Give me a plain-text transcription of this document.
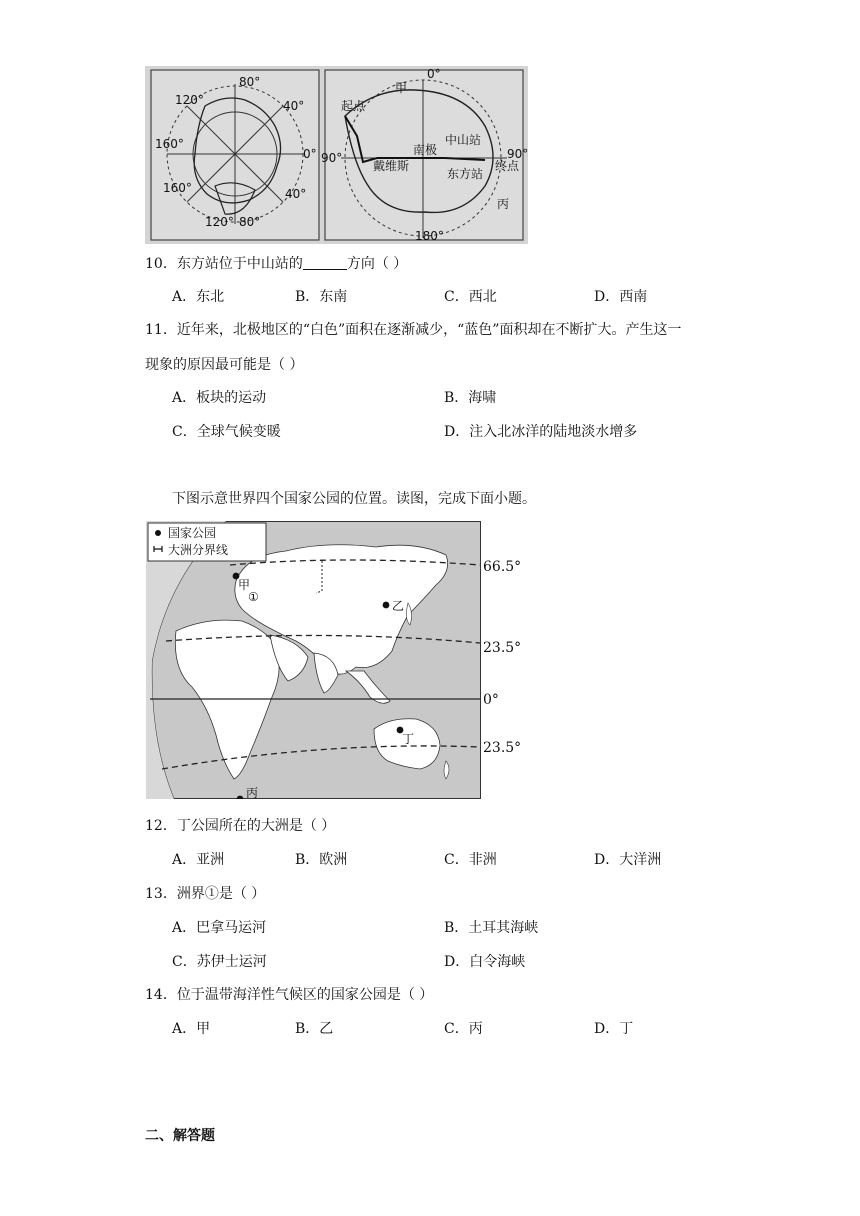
80°
40°
0°
40°
80°
120°
160°
160°
120°
0°
甲
起点
南极
中山站
90°	90°
终点
东方站
戴维斯
丙
180°
10．东方站位于中山站的	方向（ ）
A．东北	B．东南	C．西北	D．西南
11．近年来，北极地区的“白色”面积在逐渐减少，“蓝色”面积却在不断扩大。产生这一
现象的原因最可能是（ ）
A．板块的运动	B．海啸
C．全球气候变暖	D．注入北冰洋的陆地淡水增多
下图示意世界四个国家公园的位置。读图，完成下面小题。
甲
乙
丙
丁
①
国家公园
大洲分界线
66.5°
23.5°
0°
23.5°
12．丁公园所在的大洲是（ ）
A．亚洲	B．欧洲	C．非洲	D．大洋洲
13．洲界①是（ ）
A．巴拿马运河	B．土耳其海峡
C．苏伊士运河	D．白令海峡
14．位于温带海洋性气候区的国家公园是（ ）
A．甲	B．乙	C．丙	D．丁
二、解答题
